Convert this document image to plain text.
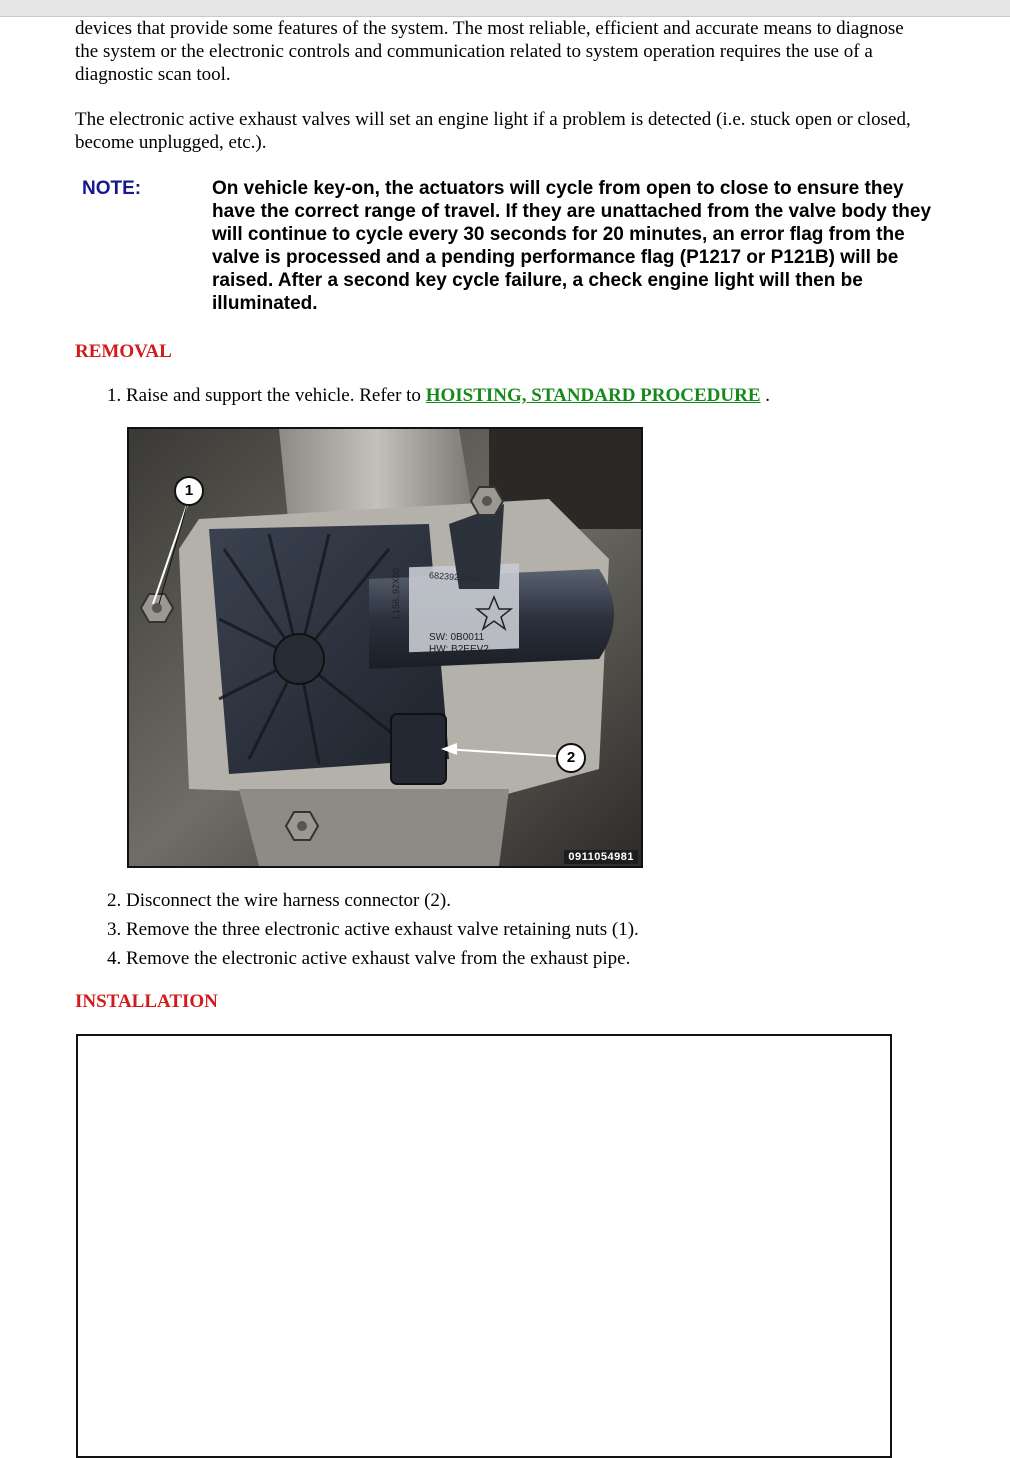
devices that provide some features of the system. The most reliable, efficient and accurate means to diagnose the system or the electronic controls and communication related to system operation requires the use of a diagnostic scan tool.

The electronic active exhaust valves will set an engine light if a problem is detected (i.e. stuck open or closed, become unplugged, etc.).

NOTE:	On vehicle key-on, the actuators will cycle from open to close to ensure they have the correct range of travel. If they are unattached from the valve body they will continue to cycle every 30 seconds for 20 minutes, an error flag from the valve is processed and a pending performance flag (P1217 or P121B) will be raised. After a second key cycle failure, a check engine light will then be illuminated.
REMOVAL
1. Raise and support the vehicle. Refer to HOISTING, STANDARD PROCEDURE .
1
2
68239269AA
SW: 0B0011
HW: B2EEV2
L158..92X00
0911054981
2. Disconnect the wire harness connector (2).
3. Remove the three electronic active exhaust valve retaining nuts (1).
4. Remove the electronic active exhaust valve from the exhaust pipe.
INSTALLATION
